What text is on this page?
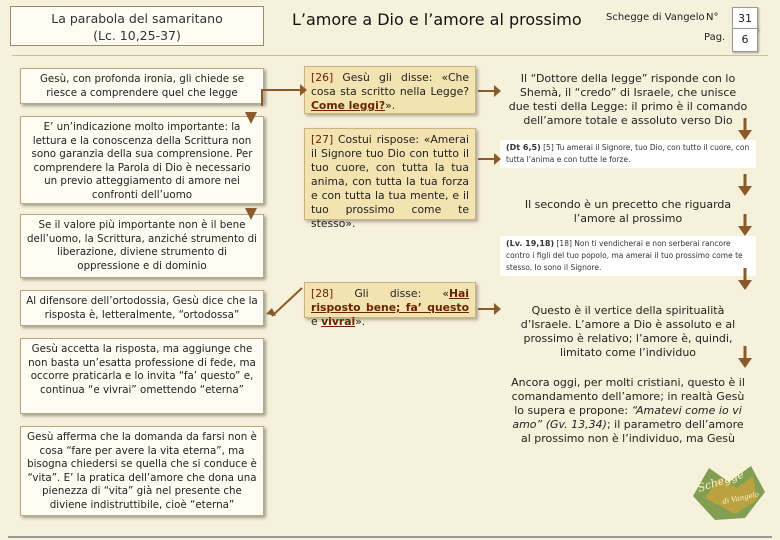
La parabola del samaritano
(Lc. 10,25-37)
L’amore a Dio e l’amore al prossimo Schegge di Vangelo N°	31
Pag.	6
Gesù, con profonda ironia, gli chiede se riesce a comprendere quel che legge
E’ un’indicazione molto importante: la lettura e la conoscenza della Scrittura non sono garanzia della sua comprensione. Per comprendere la Parola di Dio è necessario un previo atteggiamento di amore nei confronti dell’uomo
Se il valore più importante non è il bene dell’uomo, la Scrittura, anziché strumento di liberazione, diviene strumento di oppressione e di dominio
Al difensore dell’ortodossia, Gesù dice che la risposta è, letteralmente, “ortodossa”
Gesù accetta la risposta, ma aggiunge che non basta un’esatta professione di fede, ma occorre praticarla e lo invita “fa’ questo” e, continua “e vivrai” omettendo “eterna”
Gesù afferma che la domanda da farsi non è cosa “fare per avere la vita eterna”, ma bisogna chiedersi se quella che si conduce è “vita”. E’ la pratica dell’amore che dona una pienezza di “vita” già nel presente che diviene indistruttibile, cioè “eterna”
[26] Gesù gli disse: «Che cosa sta scritto nella Legge? Come leggi?».
[27] Costui rispose: «Amerai il Signore tuo Dio con tutto il tuo cuore, con tutta la tua anima, con tutta la tua forza e con tutta la tua mente, e il tuo prossimo come te stesso».
[28] Gli disse: «Hai risposto bene; fa’ questo e vivrai».
Il “Dottore della legge” risponde con lo Shemà, il “credo” di Israele, che unisce due testi della Legge: il primo è il comando dell’amore totale e assoluto verso Dio
(Dt 6,5) [5] Tu amerai il Signore, tuo Dio, con tutto il cuore, con tutta l’anima e con tutte le forze.
Il secondo è un precetto che riguarda l’amore al prossimo
(Lv. 19,18) [18] Non ti vendicherai e non serberai rancore contro i figli del tuo popolo, ma amerai il tuo prossimo come te stesso. Io sono il Signore.
Questo è il vertice della spiritualità d’Israele. L’amore a Dio è assoluto e al prossimo è relativo; l’amore è, quindi, limitato come l’individuo
Ancora oggi, per molti cristiani, questo è il comandamento dell’amore; in realtà Gesù lo supera e propone: “Amatevi come io vi amo” (Gv. 13,34); il parametro dell’amore al prossimo non è l’individuo, ma Gesù
Schegge
di Vangelo
